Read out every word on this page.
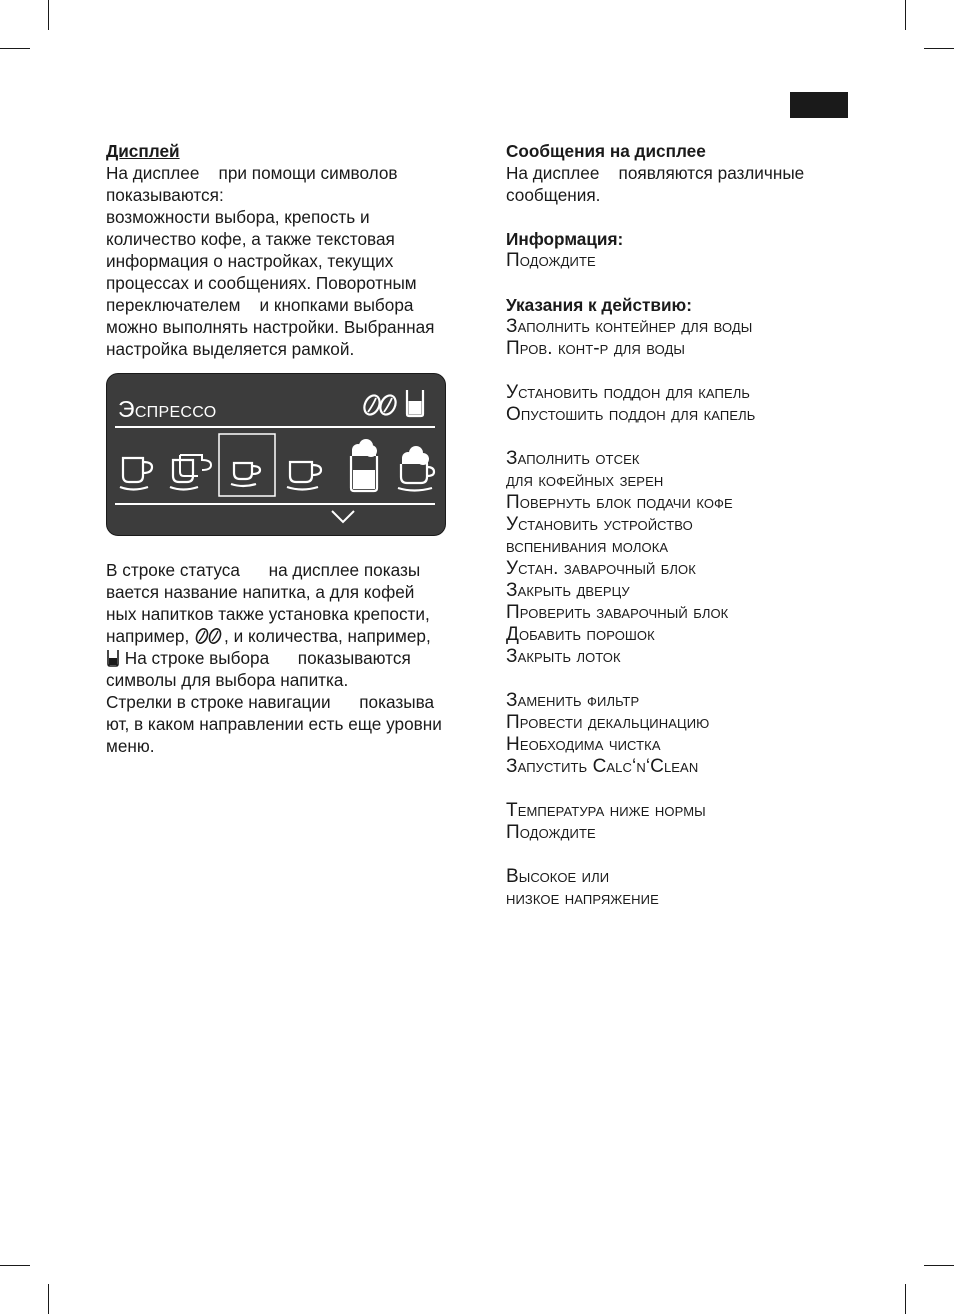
Дисплей

На дисплее    при помощи символов

показываются:

возможности выбора, крепость и

количество кофе, а также текстовая

информация о настройках, текущих

процессах и сообщениях. Поворотным

переключателем    и кнопками выбора

можно выполнять настройки. Выбранная

настройка выделяется рамкой.

Эспрессо

В строке статуса      на дисплее показы

вается название напитка, а для кофей

ных напитков также установка крепости,

например, , и количества, например,

На строке выбора      показываются

символы для выбора напитка.

Стрелки в строке навигации      показыва

ют, в каком направлении есть еще уровни

меню.

Сообщения на дисплее

На дисплее    появляются различные

сообщения.

Информация:

Подождите

Указания к действию:

Заполнить контейнер для воды

Пров. конт-р для воды

Установить поддон для капель

Опустошить поддон для капель

Заполнить отсек

для кофейных зерен

Повернуть блок подачи кофе

Установить устройство

вспенивания молока

Устан. заварочный блок

Закрыть дверцу

Проверить заварочный блок

Добавить порошок

Закрыть лоток

Заменить фильтр

Провести декальцинацию

Необходима чистка

Запустить Calc‘n‘Clean

Температура ниже нормы

Подождите

Высокое или

низкое напряжение
